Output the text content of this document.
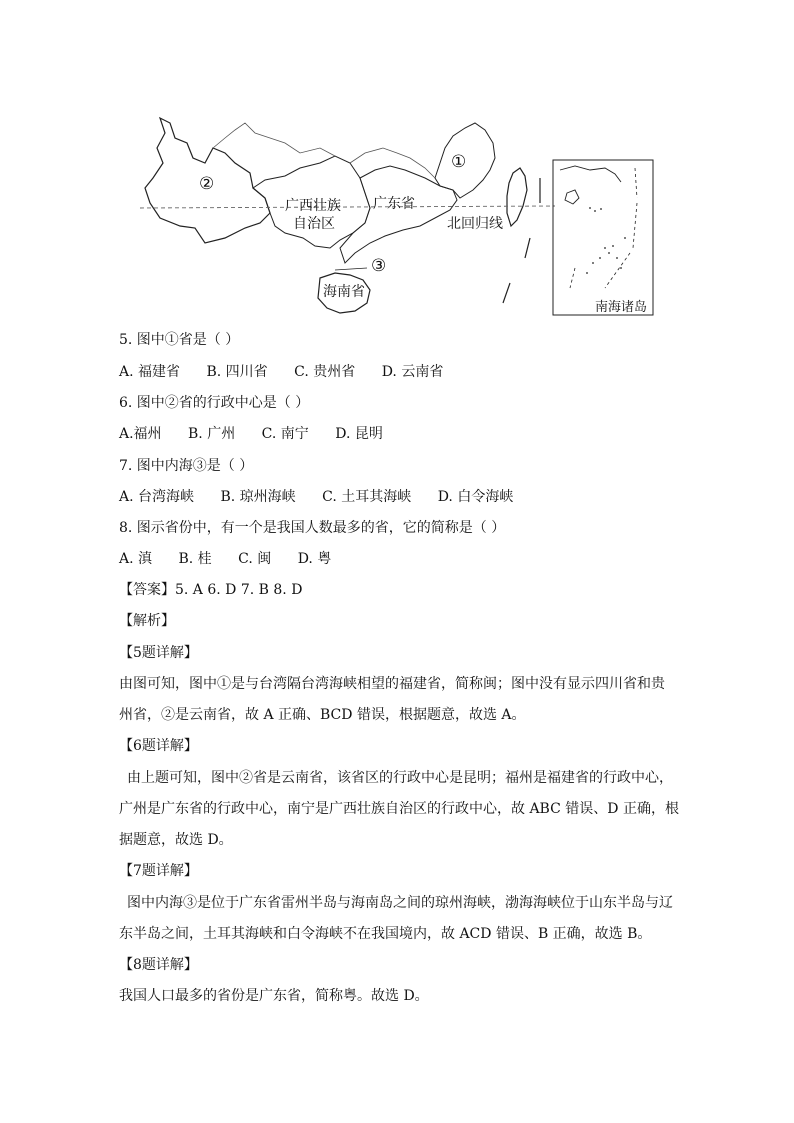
①
②
③
广西壮族
自治区
广东省
北回归线
海南省
南海诸岛
5. 图中①省是（ ）
A. 福建省 B. 四川省 C. 贵州省 D. 云南省
6. 图中②省的行政中心是（ ）
A.福州 B. 广州 C. 南宁 D. 昆明
7. 图中内海③是（ ）
A. 台湾海峡 B. 琼州海峡 C. 土耳其海峡 D. 白令海峡
8. 图示省份中，有一个是我国人数最多的省，它的简称是（ ）
A. 滇 B. 桂 C. 闽 D. 粤
【答案】5. A 6. D 7. B 8. D
【解析】
【5题详解】
由图可知，图中①是与台湾隔台湾海峡相望的福建省，简称闽；图中没有显示四川省和贵
州省，②是云南省，故 A 正确、BCD 错误，根据题意，故选 A。
【6题详解】
由上题可知，图中②省是云南省，该省区的行政中心是昆明；福州是福建省的行政中心，
广州是广东省的行政中心，南宁是广西壮族自治区的行政中心，故 ABC 错误、D 正确，根
据题意，故选 D。
【7题详解】
图中内海③是位于广东省雷州半岛与海南岛之间的琼州海峡，渤海海峡位于山东半岛与辽
东半岛之间，土耳其海峡和白令海峡不在我国境内，故 ACD 错误、B 正确，故选 B。
【8题详解】
我国人口最多的省份是广东省，简称粤。故选 D。
